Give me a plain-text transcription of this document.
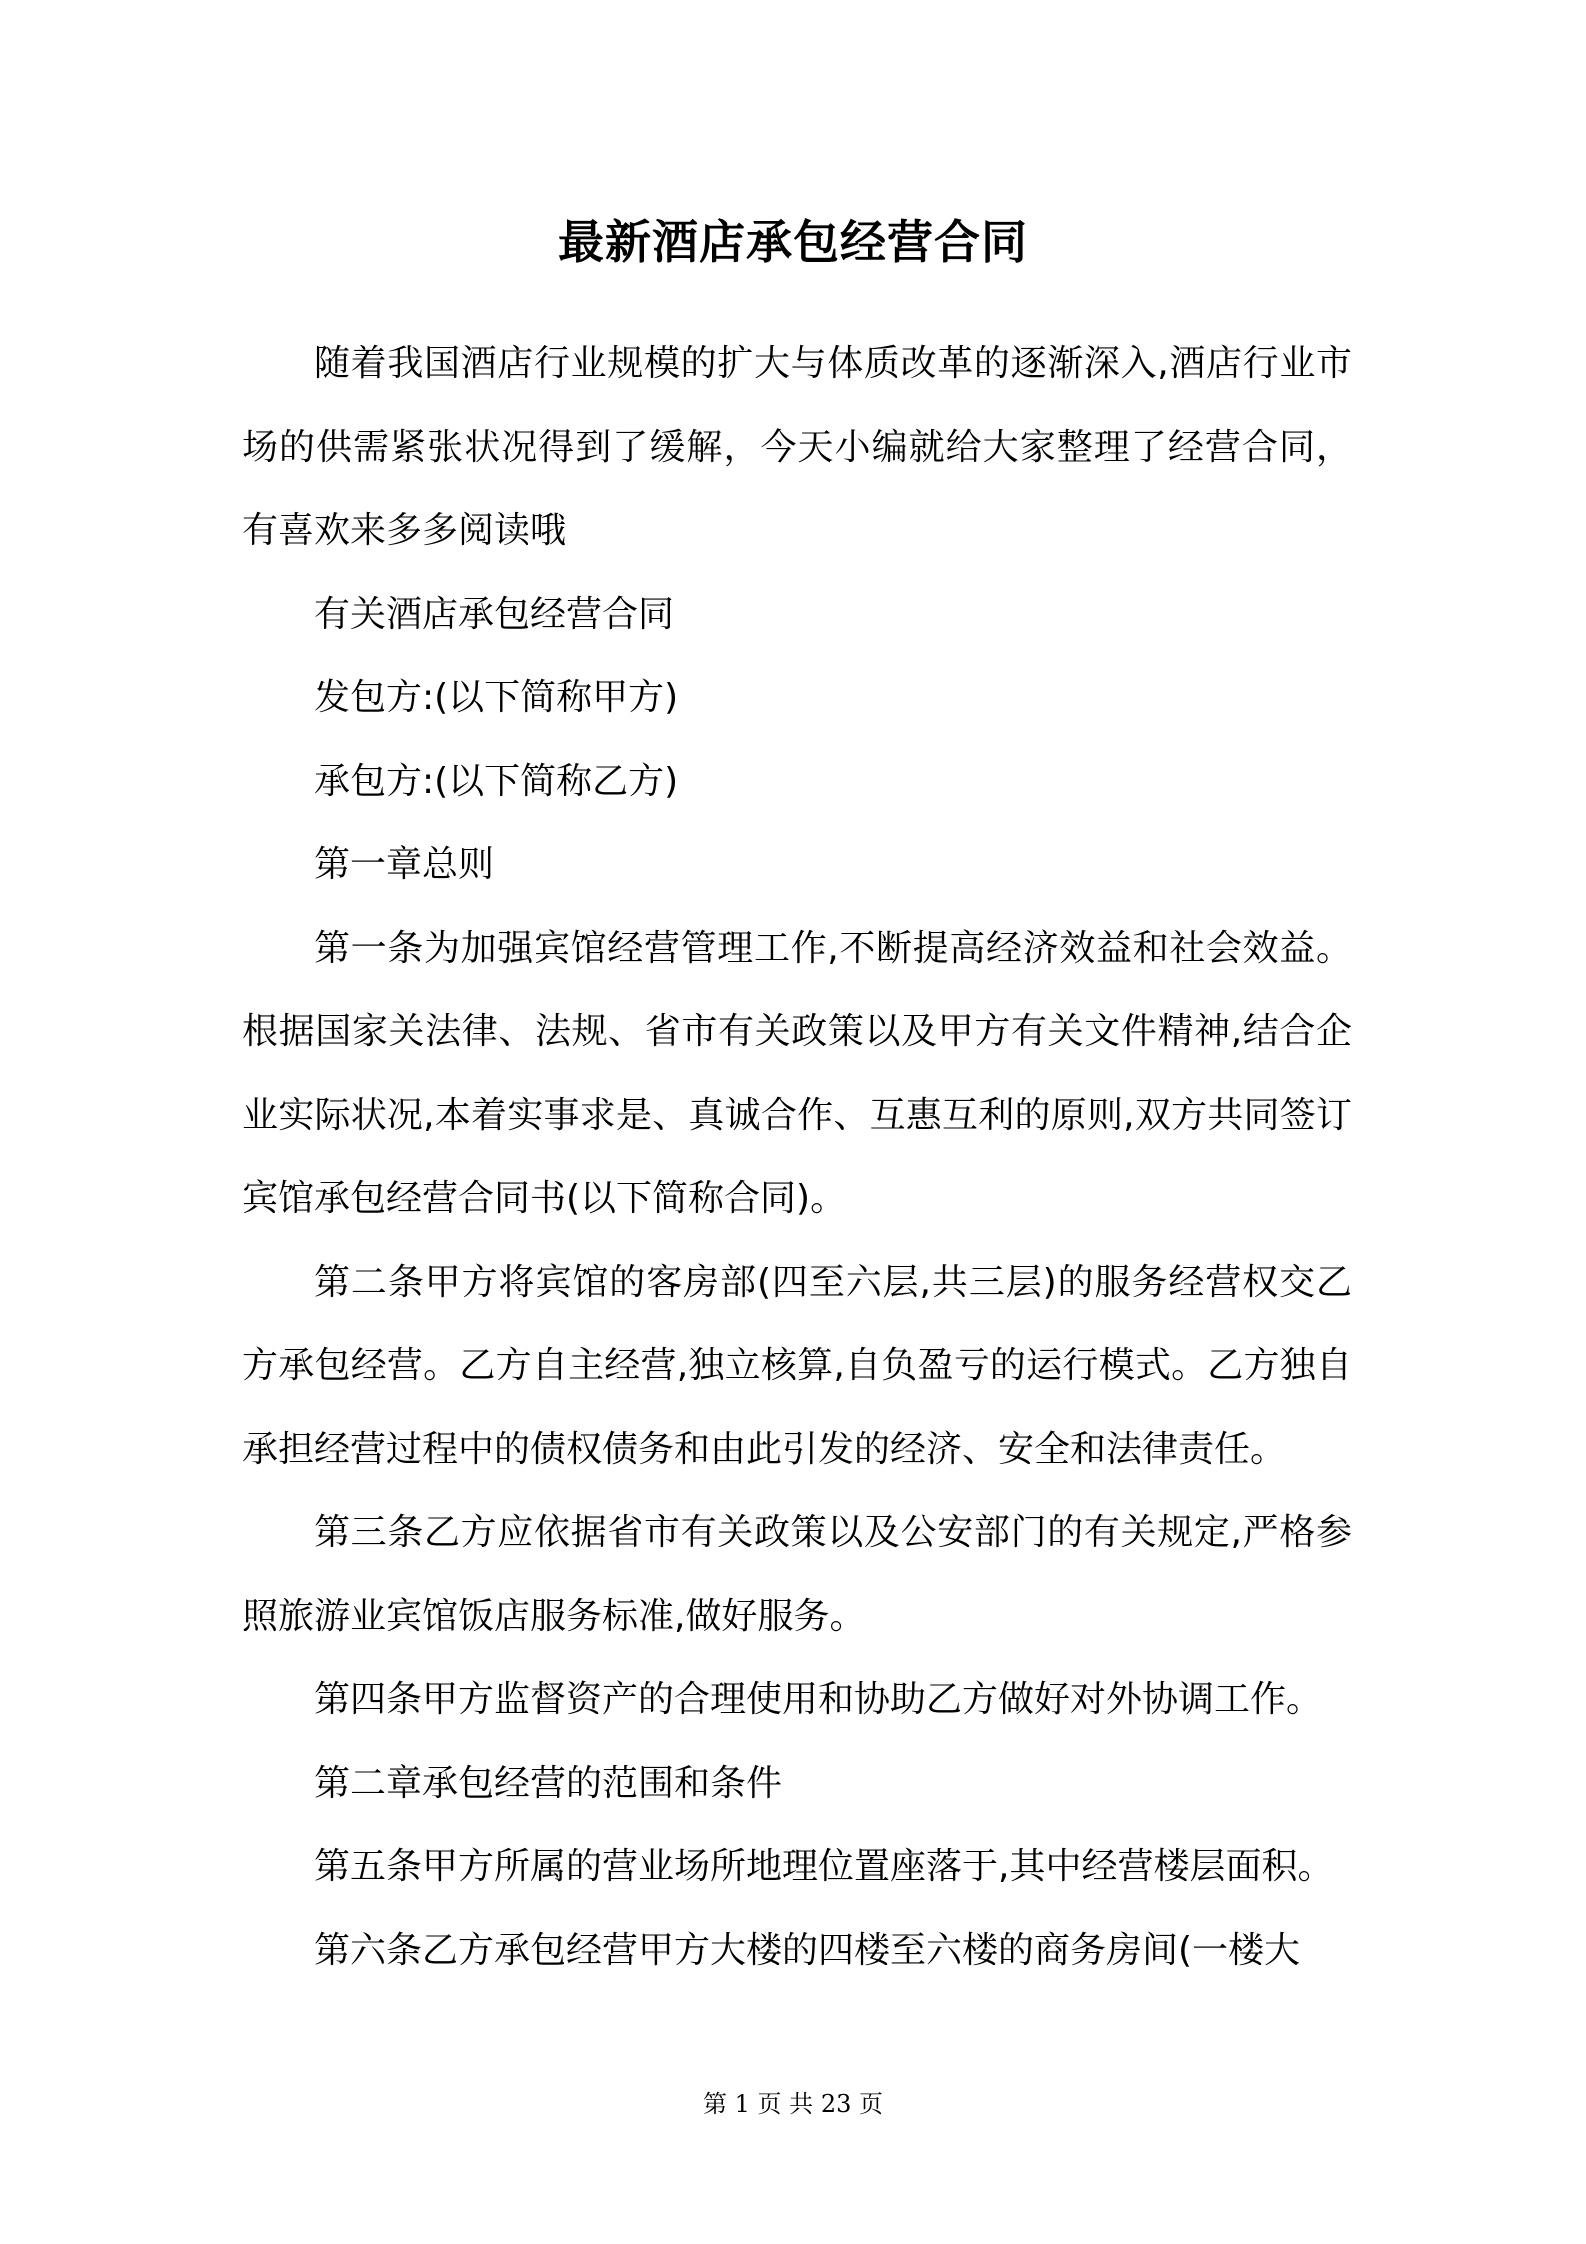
最新酒店承包经营合同

随着我国酒店行业规模的扩大与体质改革的逐渐深入,酒店行业市场的供需紧张状况得到了缓解，今天小编就给大家整理了经营合同，有喜欢来多多阅读哦

有关酒店承包经营合同

发包方:(以下简称甲方)

承包方:(以下简称乙方)

第一章总则

第一条为加强宾馆经营管理工作,不断提高经济效益和社会效益。根据国家关法律、法规、省市有关政策以及甲方有关文件精神,结合企业实际状况,本着实事求是、真诚合作、互惠互利的原则,双方共同签订宾馆承包经营合同书(以下简称合同)。

第二条甲方将宾馆的客房部(四至六层,共三层)的服务经营权交乙方承包经营。乙方自主经营,独立核算,自负盈亏的运行模式。乙方独自承担经营过程中的债权债务和由此引发的经济、安全和法律责任。

第三条乙方应依据省市有关政策以及公安部门的有关规定,严格参照旅游业宾馆饭店服务标准,做好服务。

第四条甲方监督资产的合理使用和协助乙方做好对外协调工作。

第二章承包经营的范围和条件

第五条甲方所属的营业场所地理位置座落于,其中经营楼层面积。

第六条乙方承包经营甲方大楼的四楼至六楼的商务房间(一楼大

第 1 页 共 23 页
